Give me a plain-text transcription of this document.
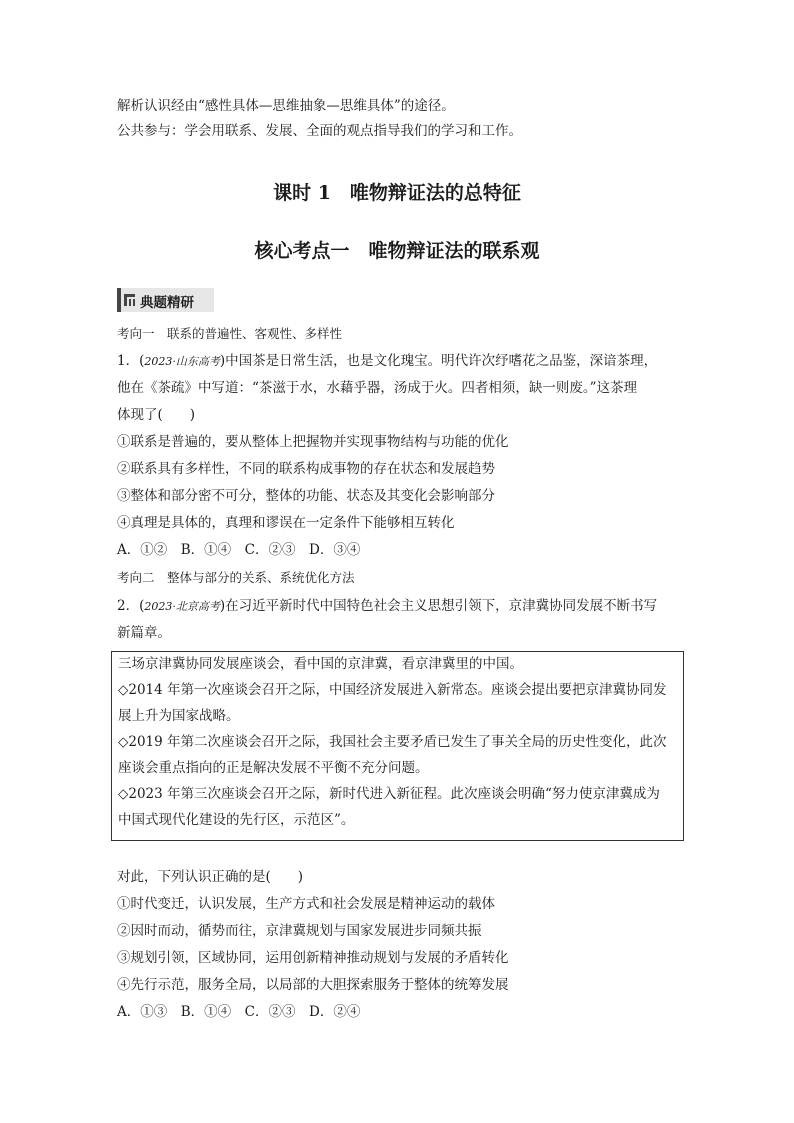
解析认识经由“感性具体—思维抽象—思维具体”的途径。
公共参与：学会用联系、发展、全面的观点指导我们的学习和工作。
课时 1　唯物辩证法的总特征
核心考点一　唯物辩证法的联系观
典题精研
考向一　联系的普遍性、客观性、多样性
1．(2023·山东高考)中国茶是日常生活，也是文化瑰宝。明代许次纾嗜花之品鉴，深谙茶理，
他在《茶疏》中写道：“茶滋于水，水藉乎器，汤成于火。四者相须，缺一则废。”这茶理
体现了(　　)
①联系是普遍的，要从整体上把握物并实现事物结构与功能的优化
②联系具有多样性，不同的联系构成事物的存在状态和发展趋势
③整体和部分密不可分，整体的功能、状态及其变化会影响部分
④真理是具体的，真理和谬误在一定条件下能够相互转化
A．①②　B．①④　C．②③　D．③④
考向二　整体与部分的关系、系统优化方法
2．(2023·北京高考)在习近平新时代中国特色社会主义思想引领下，京津冀协同发展不断书写
新篇章。
三场京津冀协同发展座谈会，看中国的京津冀，看京津冀里的中国。
◇2014 年第一次座谈会召开之际，中国经济发展进入新常态。座谈会提出要把京津冀协同发
展上升为国家战略。
◇2019 年第二次座谈会召开之际，我国社会主要矛盾已发生了事关全局的历史性变化，此次
座谈会重点指向的正是解决发展不平衡不充分问题。
◇2023 年第三次座谈会召开之际，新时代进入新征程。此次座谈会明确“努力使京津冀成为
中国式现代化建设的先行区，示范区”。
对此，下列认识正确的是(　　)
①时代变迁，认识发展，生产方式和社会发展是精神运动的载体
②因时而动，循势而往，京津冀规划与国家发展进步同频共振
③规划引领，区域协同，运用创新精神推动规划与发展的矛盾转化
④先行示范，服务全局，以局部的大胆探索服务于整体的统筹发展
A．①③　B．①④　C．②③　D．②④
